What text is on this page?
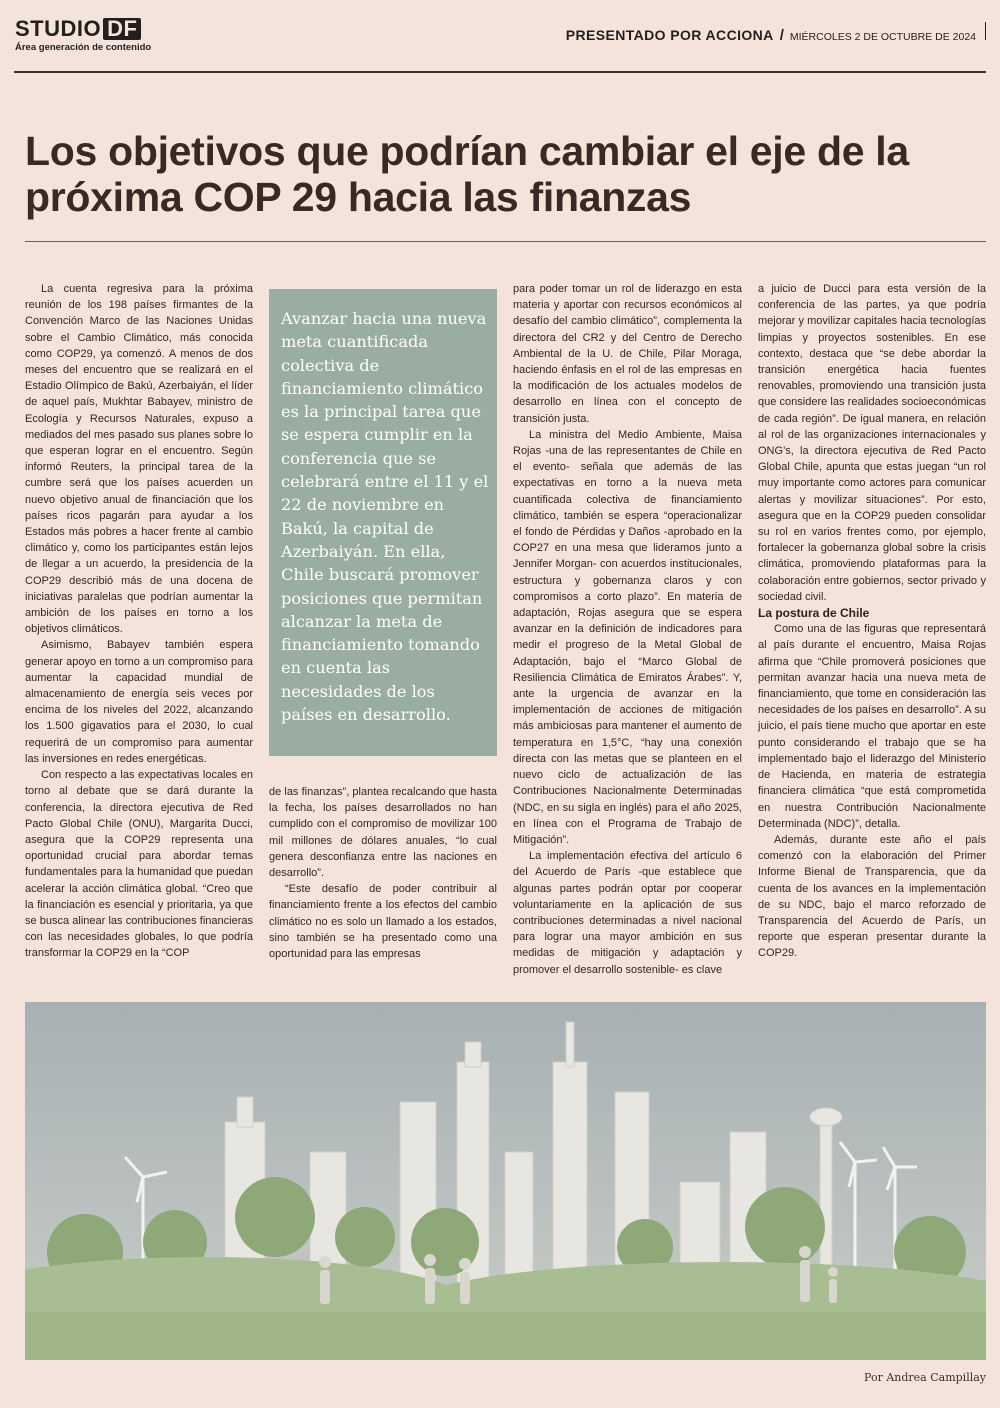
STUDIO DF
Área generación de contenido
PRESENTADO POR ACCIONA / MIÉRCOLES 2 DE OCTUBRE DE 2024
Los objetivos que podrían cambiar el eje de la próxima COP 29 hacia las finanzas

La cuenta regresiva para la próxima reunión de los 198 países firmantes de la Convención Marco de las Naciones Unidas sobre el Cambio Climático, más conocida como COP29, ya comenzó. A menos de dos meses del encuentro que se realizará en el Estadio Olímpico de Bakú, Azerbaiyán, el líder de aquel país, Mukhtar Babayev, ministro de Ecología y Recursos Naturales, expuso a mediados del mes pasado sus planes sobre lo que esperan lograr en el encuentro. Según informó Reuters, la principal tarea de la cumbre será que los países acuerden un nuevo objetivo anual de financiación que los países ricos pagarán para ayudar a los Estados más pobres a hacer frente al cambio climático y, como los participantes están lejos de llegar a un acuerdo, la presidencia de la COP29 describió más de una docena de iniciativas paralelas que podrían aumentar la ambición de los países en torno a los objetivos climáticos.

Asimismo, Babayev también espera generar apoyo en torno a un compromiso para aumentar la capacidad mundial de almacenamiento de energía seis veces por encima de los niveles del 2022, alcanzando los 1.500 gigavatios para el 2030, lo cual requerirá de un compromiso para aumentar las inversiones en redes energéticas.

Con respecto a las expectativas locales en torno al debate que se dará durante la conferencia, la directora ejecutiva de Red Pacto Global Chile (ONU), Margarita Ducci, asegura que la COP29 representa una oportunidad crucial para abordar temas fundamentales para la humanidad que puedan acelerar la acción climática global. “Creo que la financiación es esencial y prioritaria, ya que se busca alinear las contribuciones financieras con las necesidades globales, lo que podría transformar la COP29 en la “COP

Avanzar hacia una nueva meta cuantificada colectiva de financiamiento climático es la principal tarea que se espera cumplir en la conferencia que se celebrará entre el 11 y el 22 de noviembre en Bakú, la capital de Azerbaiyán. En ella, Chile buscará promover posiciones que permitan alcanzar la meta de financiamiento tomando en cuenta las necesidades de los países en desarrollo.

de las finanzas”, plantea recalcando que hasta la fecha, los países desarrollados no han cumplido con el compromiso de movilizar 100 mil millones de dólares anuales, “lo cual genera desconfianza entre las naciones en desarrollo”.

“Este desafío de poder contribuir al financiamiento frente a los efectos del cambio climático no es solo un llamado a los estados, sino también se ha presentado como una oportunidad para las empresas

para poder tomar un rol de liderazgo en esta materia y aportar con recursos económicos al desafío del cambio climático”, complementa la directora del CR2 y del Centro de Derecho Ambiental de la U. de Chile, Pilar Moraga, haciendo énfasis en el rol de las empresas en la modificación de los actuales modelos de desarrollo en línea con el concepto de transición justa.

La ministra del Medio Ambiente, Maisa Rojas -una de las representantes de Chile en el evento- señala que además de las expectativas en torno a la nueva meta cuantificada colectiva de financiamiento climático, también se espera “operacionalizar el fondo de Pérdidas y Daños -aprobado en la COP27 en una mesa que lideramos junto a Jennifer Morgan- con acuerdos institucionales, estructura y gobernanza claros y con compromisos a corto plazo”. En materia de adaptación, Rojas asegura que se espera avanzar en la definición de indicadores para medir el progreso de la Metal Global de Adaptación, bajo el “Marco Global de Resiliencia Climática de Emiratos Árabes”. Y, ante la urgencia de avanzar en la implementación de acciones de mitigación más ambiciosas para mantener el aumento de temperatura en 1,5°C, “hay una conexión directa con las metas que se planteen en el nuevo ciclo de actualización de las Contribuciones Nacionalmente Determinadas (NDC, en su sigla en inglés) para el año 2025, en línea con el Programa de Trabajo de Mitigación”.

La implementación efectiva del artículo 6 del Acuerdo de París -que establece que algunas partes podrán optar por cooperar voluntariamente en la aplicación de sus contribuciones determinadas a nivel nacional para lograr una mayor ambición en sus medidas de mitigación y adaptación y promover el desarrollo sostenible- es clave

a juicio de Ducci para esta versión de la conferencia de las partes, ya que podría mejorar y movilizar capitales hacia tecnologías limpias y proyectos sostenibles. En ese contexto, destaca que “se debe abordar la transición energética hacia fuentes renovables, promoviendo una transición justa que considere las realidades socioeconómicas de cada región”. De igual manera, en relación al rol de las organizaciones internacionales y ONG’s, la directora ejecutiva de Red Pacto Global Chile, apunta que estas juegan “un rol muy importante como actores para comunicar alertas y movilizar situaciones”. Por esto, asegura que en la COP29 pueden consolidar su rol en varios frentes como, por ejemplo, fortalecer la gobernanza global sobre la crisis climática, promoviendo plataformas para la colaboración entre gobiernos, sector privado y sociedad civil.

La postura de Chile

Como una de las figuras que representará al país durante el encuentro, Maisa Rojas afirma que “Chile promoverá posiciones que permitan avanzar hacia una nueva meta de financiamiento, que tome en consideración las necesidades de los países en desarrollo”. A su juicio, el país tiene mucho que aportar en este punto considerando el trabajo que se ha implementado bajo el liderazgo del Ministerio de Hacienda, en materia de estrategia financiera climática “que está comprometida en nuestra Contribución Nacionalmente Determinada (NDC)”, detalla.

Además, durante este año el país comenzó con la elaboración del Primer Informe Bienal de Transparencia, que da cuenta de los avances en la implementación de su NDC, bajo el marco reforzado de Transparencia del Acuerdo de París, un reporte que esperan presentar durante la COP29.

Por Andrea Campillay
